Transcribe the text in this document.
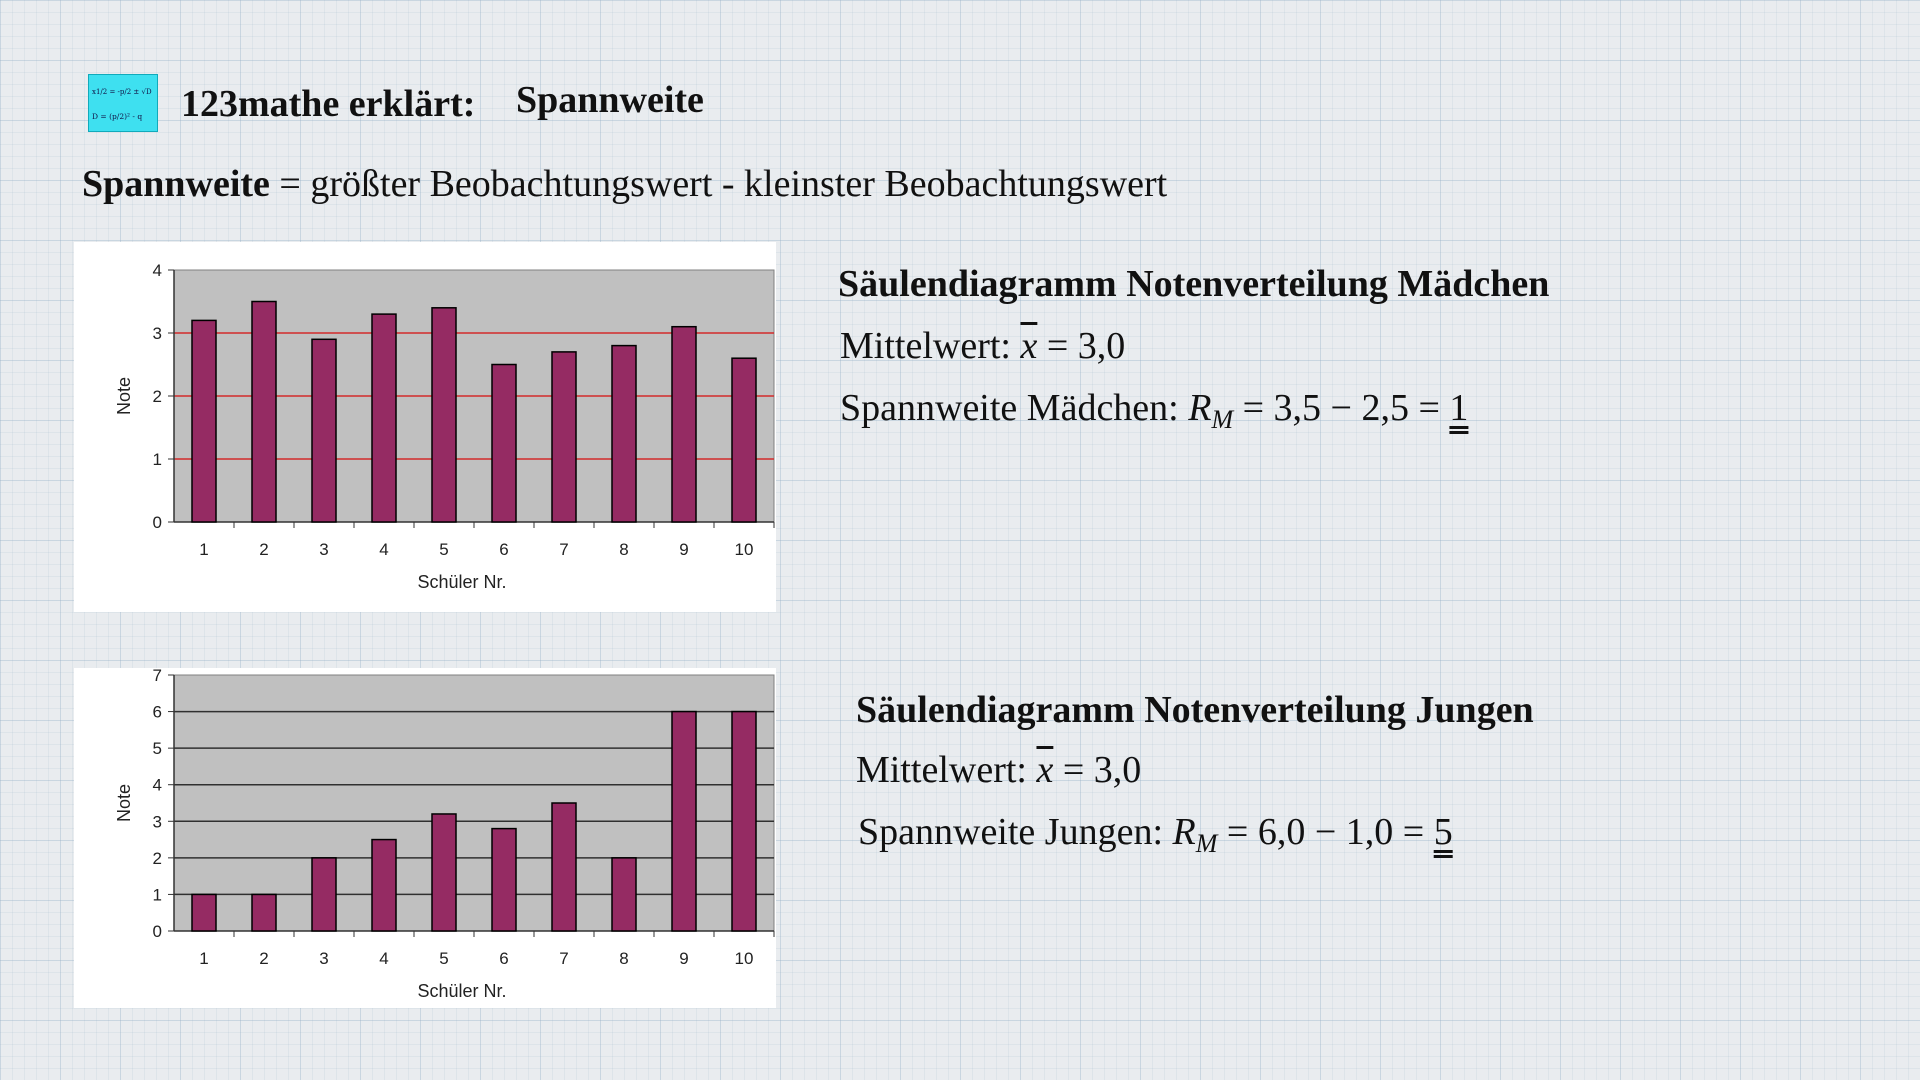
x1/2 = -p/2 ± √D
D = (p/2)² - q 123mathe erklärt: Spannweite
Spannweite = größter Beobachtungswert - kleinster Beobachtungswert
0
1
2
3
4
1	2	3	4	5	6	7	8	9	10
Schüler Nr.
Note
0
1
2
3
4
5
6
7
1	2	3	4	5	6	7	8	9	10
Schüler Nr.
Note
Säulendiagramm Notenverteilung Mädchen
Mittelwert: $\overline{x} = 3,0$
Spannweite Mädchen: $R_M = 3,5 - 2,5 = 1$
Säulendiagramm Notenverteilung Jungen
Mittelwert: $\overline{x} = 3,0$
Spannweite Jungen: $R_M = 6,0 - 1,0 = 5$
